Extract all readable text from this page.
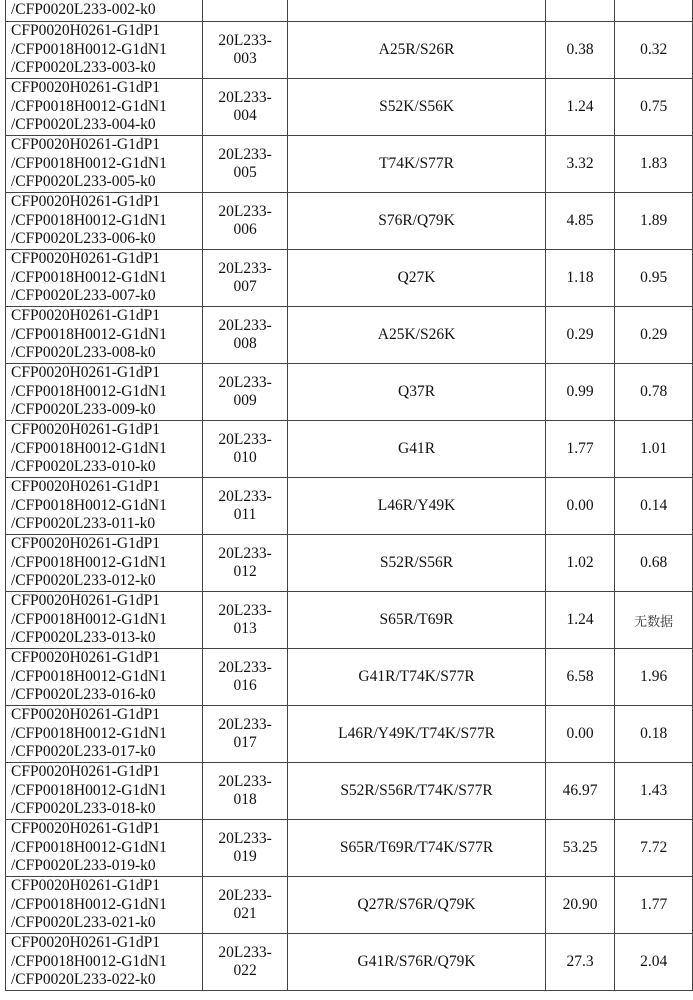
/CFP0020L233-002-k0				

CFP0020H0261-G1dP1
/CFP0018H0012-G1dN1
/CFP0020L233-003-k0	20L233-
003	A25R/S26R	0.38	0.32

CFP0020H0261-G1dP1
/CFP0018H0012-G1dN1
/CFP0020L233-004-k0	20L233-
004	S52K/S56K	1.24	0.75

CFP0020H0261-G1dP1
/CFP0018H0012-G1dN1
/CFP0020L233-005-k0	20L233-
005	T74K/S77R	3.32	1.83

CFP0020H0261-G1dP1
/CFP0018H0012-G1dN1
/CFP0020L233-006-k0	20L233-
006	S76R/Q79K	4.85	1.89

CFP0020H0261-G1dP1
/CFP0018H0012-G1dN1
/CFP0020L233-007-k0	20L233-
007	Q27K	1.18	0.95

CFP0020H0261-G1dP1
/CFP0018H0012-G1dN1
/CFP0020L233-008-k0	20L233-
008	A25K/S26K	0.29	0.29

CFP0020H0261-G1dP1
/CFP0018H0012-G1dN1
/CFP0020L233-009-k0	20L233-
009	Q37R	0.99	0.78

CFP0020H0261-G1dP1
/CFP0018H0012-G1dN1
/CFP0020L233-010-k0	20L233-
010	G41R	1.77	1.01

CFP0020H0261-G1dP1
/CFP0018H0012-G1dN1
/CFP0020L233-011-k0	20L233-
011	L46R/Y49K	0.00	0.14

CFP0020H0261-G1dP1
/CFP0018H0012-G1dN1
/CFP0020L233-012-k0	20L233-
012	S52R/S56R	1.02	0.68

CFP0020H0261-G1dP1
/CFP0018H0012-G1dN1
/CFP0020L233-013-k0	20L233-
013	S65R/T69R	1.24	无数据

CFP0020H0261-G1dP1
/CFP0018H0012-G1dN1
/CFP0020L233-016-k0	20L233-
016	G41R/T74K/S77R	6.58	1.96

CFP0020H0261-G1dP1
/CFP0018H0012-G1dN1
/CFP0020L233-017-k0	20L233-
017	L46R/Y49K/T74K/S77R	0.00	0.18

CFP0020H0261-G1dP1
/CFP0018H0012-G1dN1
/CFP0020L233-018-k0	20L233-
018	S52R/S56R/T74K/S77R	46.97	1.43

CFP0020H0261-G1dP1
/CFP0018H0012-G1dN1
/CFP0020L233-019-k0	20L233-
019	S65R/T69R/T74K/S77R	53.25	7.72

CFP0020H0261-G1dP1
/CFP0018H0012-G1dN1
/CFP0020L233-021-k0	20L233-
021	Q27R/S76R/Q79K	20.90	1.77

CFP0020H0261-G1dP1
/CFP0018H0012-G1dN1
/CFP0020L233-022-k0	20L233-
022	G41R/S76R/Q79K	27.3	2.04
